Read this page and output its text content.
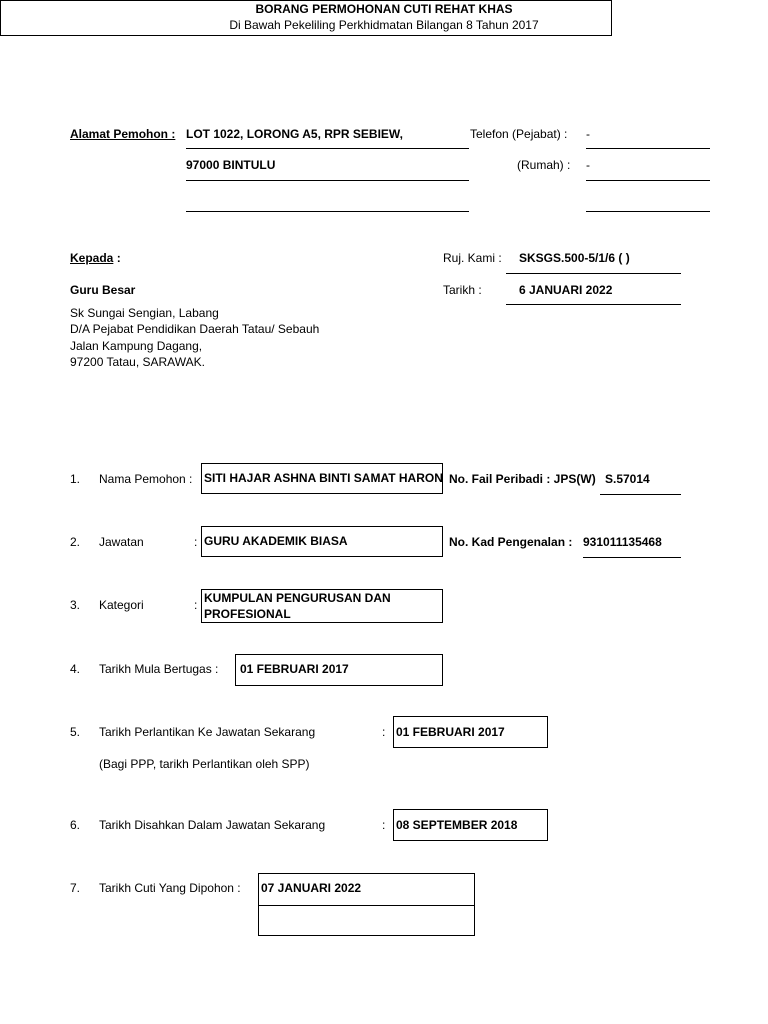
BORANG PERMOHONAN CUTI REHAT KHAS
Di Bawah Pekeliling Perkhidmatan Bilangan 8 Tahun 2017
Alamat Pemohon : LOT 1022, LORONG A5, RPR SEBIEW,
97000 BINTULU
Telefon (Pejabat) : -
(Rumah) : -
Kepada :
Guru Besar
Sk Sungai Sengian, Labang
D/A Pejabat Pendidikan Daerah Tatau/ Sebauh
Jalan Kampung Dagang,
97200 Tatau, SARAWAK.
Ruj. Kami : SKSGS.500-5/1/6 ( )
Tarikh :	6 JANUARI 2022
1. Nama Pemohon : SITI HAJAR ASHNA BINTI SAMAT HARON No. Fail Peribadi : JPS(W) S.57014
2. Jawatan	: GURU AKADEMIK BIASA	No. Kad Pengenalan : 931011135468
3. Kategori	: KUMPULAN PENGURUSAN DAN
PROFESIONAL
4. Tarikh Mula Bertugas : 01 FEBRUARI 2017
5. Tarikh Perlantikan Ke Jawatan Sekarang	: 01 FEBRUARI 2017
(Bagi PPP, tarikh Perlantikan oleh SPP)
6. Tarikh Disahkan Dalam Jawatan Sekarang	: 08 SEPTEMBER 2018
7. Tarikh Cuti Yang Dipohon : 07 JANUARI 2022
